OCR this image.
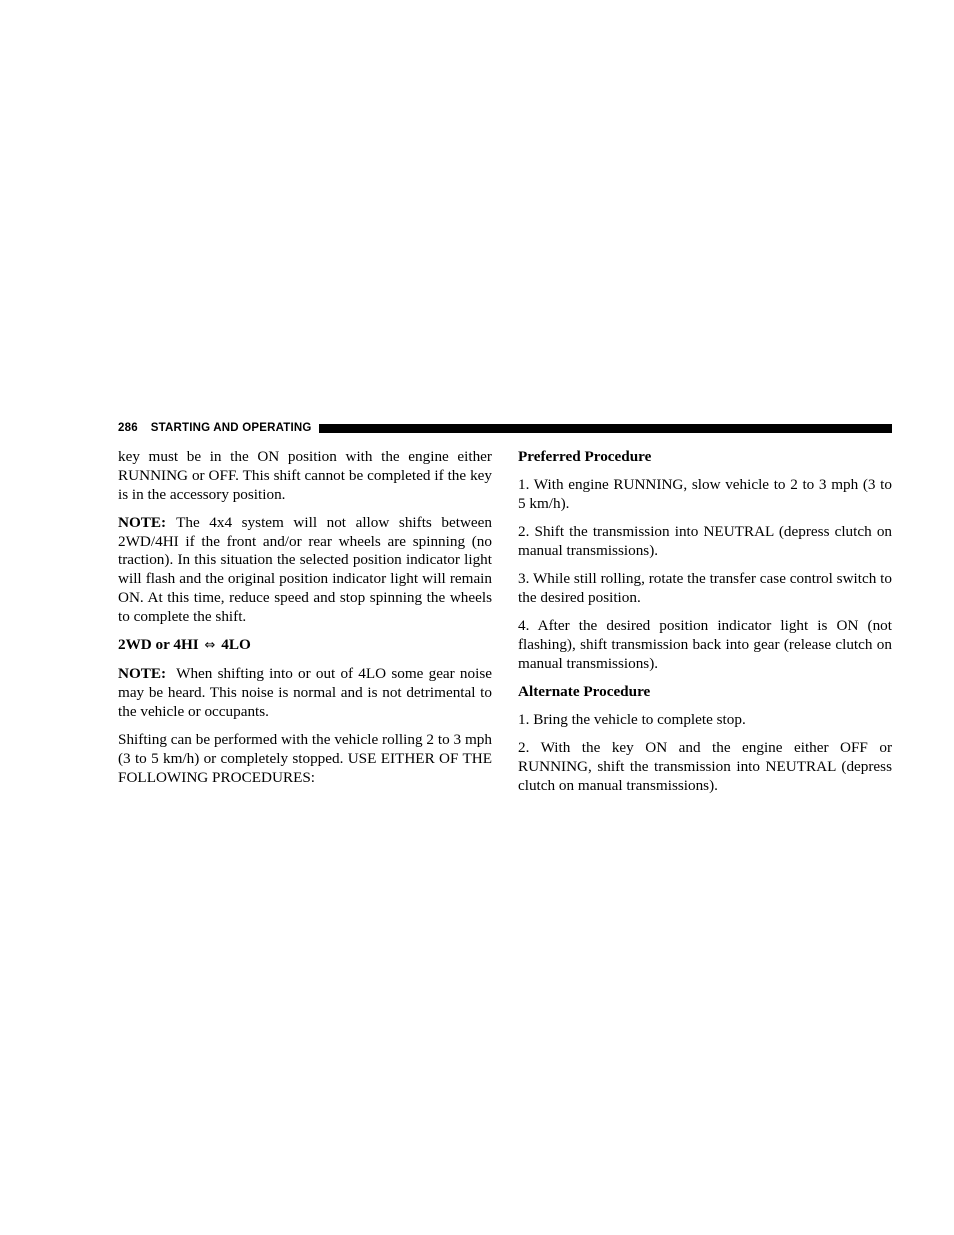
286 STARTING AND OPERATING

key must be in the ON position with the engine either RUNNING or OFF. This shift cannot be completed if the key is in the accessory position.

NOTE: The 4x4 system will not allow shifts between 2WD/4HI if the front and/or rear wheels are spinning (no traction). In this situation the selected position indicator light will flash and the original position indicator light will remain ON. At this time, reduce speed and stop spinning the wheels to complete the shift.

2WD or 4HI ⇔ 4LO

NOTE: When shifting into or out of 4LO some gear noise may be heard. This noise is normal and is not detrimental to the vehicle or occupants.

Shifting can be performed with the vehicle rolling 2 to 3 mph (3 to 5 km/h) or completely stopped. USE EITHER OF THE FOLLOWING PROCEDURES:

Preferred Procedure

1. With engine RUNNING, slow vehicle to 2 to 3 mph (3 to 5 km/h).

2. Shift the transmission into NEUTRAL (depress clutch on manual transmissions).

3. While still rolling, rotate the transfer case control switch to the desired position.

4. After the desired position indicator light is ON (not flashing), shift transmission back into gear (release clutch on manual transmissions).

Alternate Procedure

1. Bring the vehicle to complete stop.

2. With the key ON and the engine either OFF or RUNNING, shift the transmission into NEUTRAL (depress clutch on manual transmissions).
